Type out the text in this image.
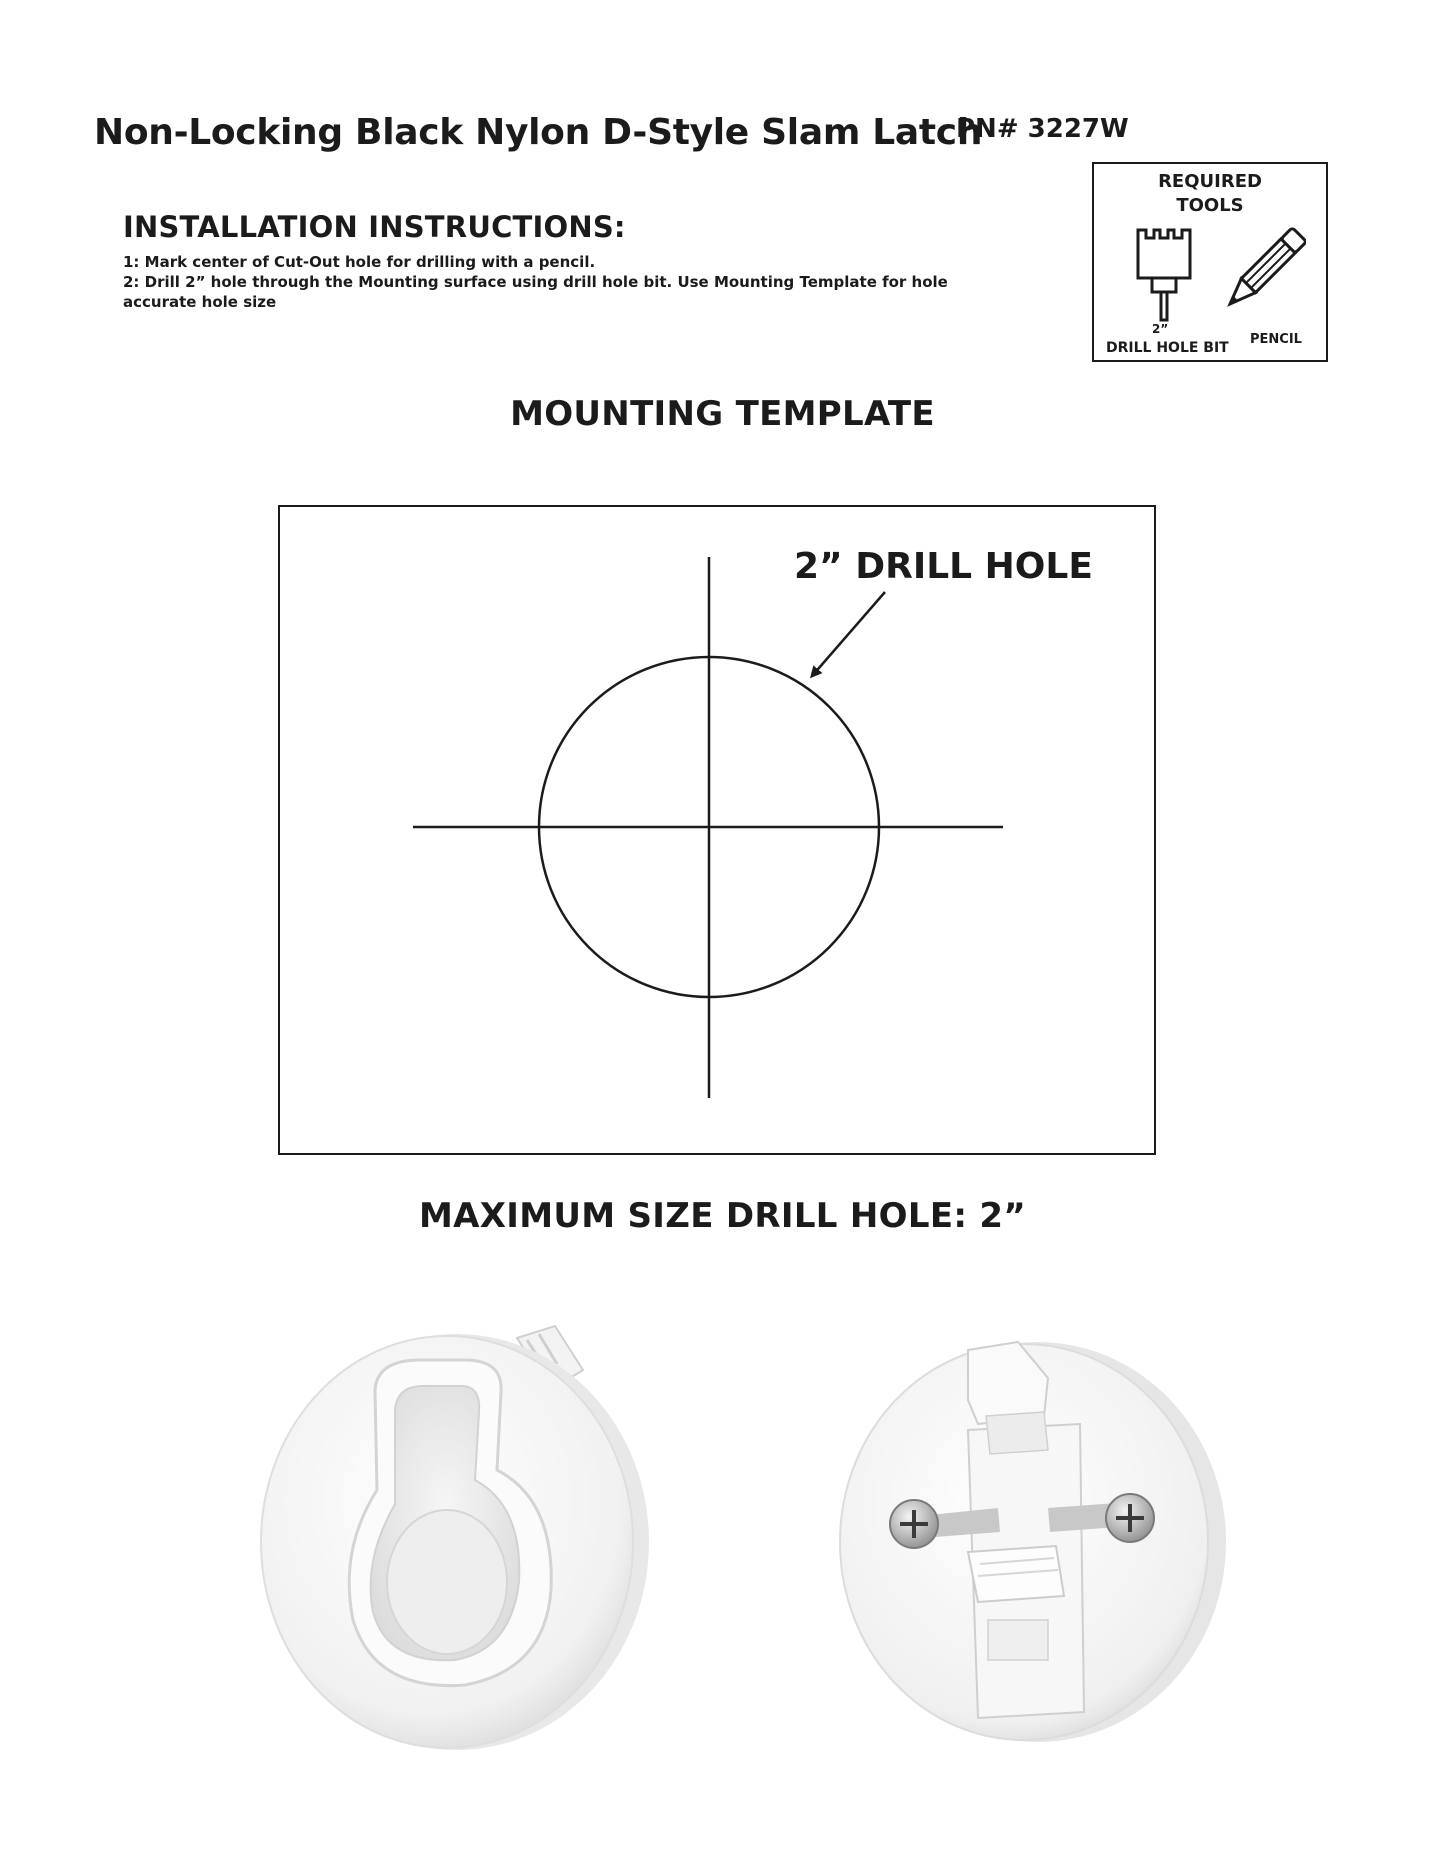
Non-Locking Black Nylon D-Style Slam Latch
PN# 3227W
INSTALLATION INSTRUCTIONS:

1: Mark center of Cut-Out hole for drilling with a pencil.

2: Drill 2” hole through the Mounting surface using drill hole bit. Use Mounting Template for hole accurate hole size

REQUIRED
TOOLS
2”
DRILL HOLE BIT
PENCIL
MOUNTING TEMPLATE
2” DRILL HOLE
MAXIMUM SIZE DRILL HOLE: 2”
